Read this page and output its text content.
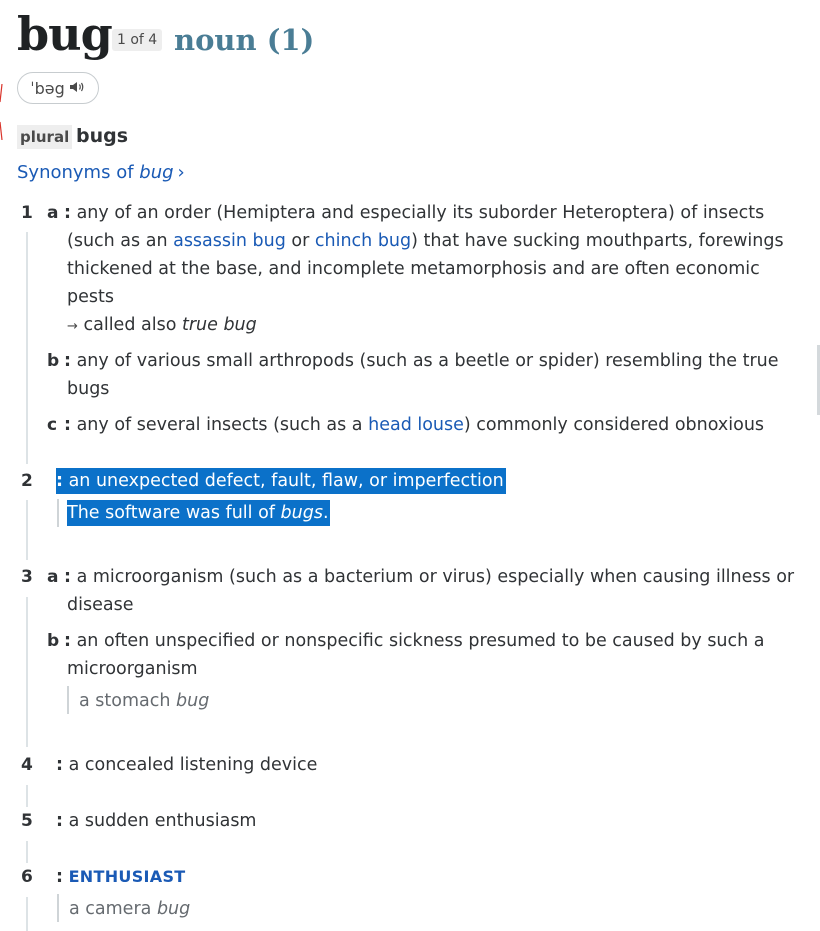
bug 1 of 4 noun (1)
ˈbəg
plural bugs
Synonyms of bug ›
1 a : any of an order (Hemiptera and especially its suborder Heteroptera) of insects
(such as an assassin bug or chinch bug) that have sucking mouthparts, forewings
thickened at the base, and incomplete metamorphosis and are often economic
pests
→ called also true bug
b : any of various small arthropods (such as a beetle or spider) resembling the true
bugs
c : any of several insects (such as a head louse) commonly considered obnoxious
2 : an unexpected defect, fault, flaw, or imperfection
The software was full of bugs.
3 a : a microorganism (such as a bacterium or virus) especially when causing illness or
disease
b : an often unspecified or nonspecific sickness presumed to be caused by such a
microorganism
a stomach bug
4 : a concealed listening device
5 : a sudden enthusiasm
6 : ENTHUSIAST
a camera bug
